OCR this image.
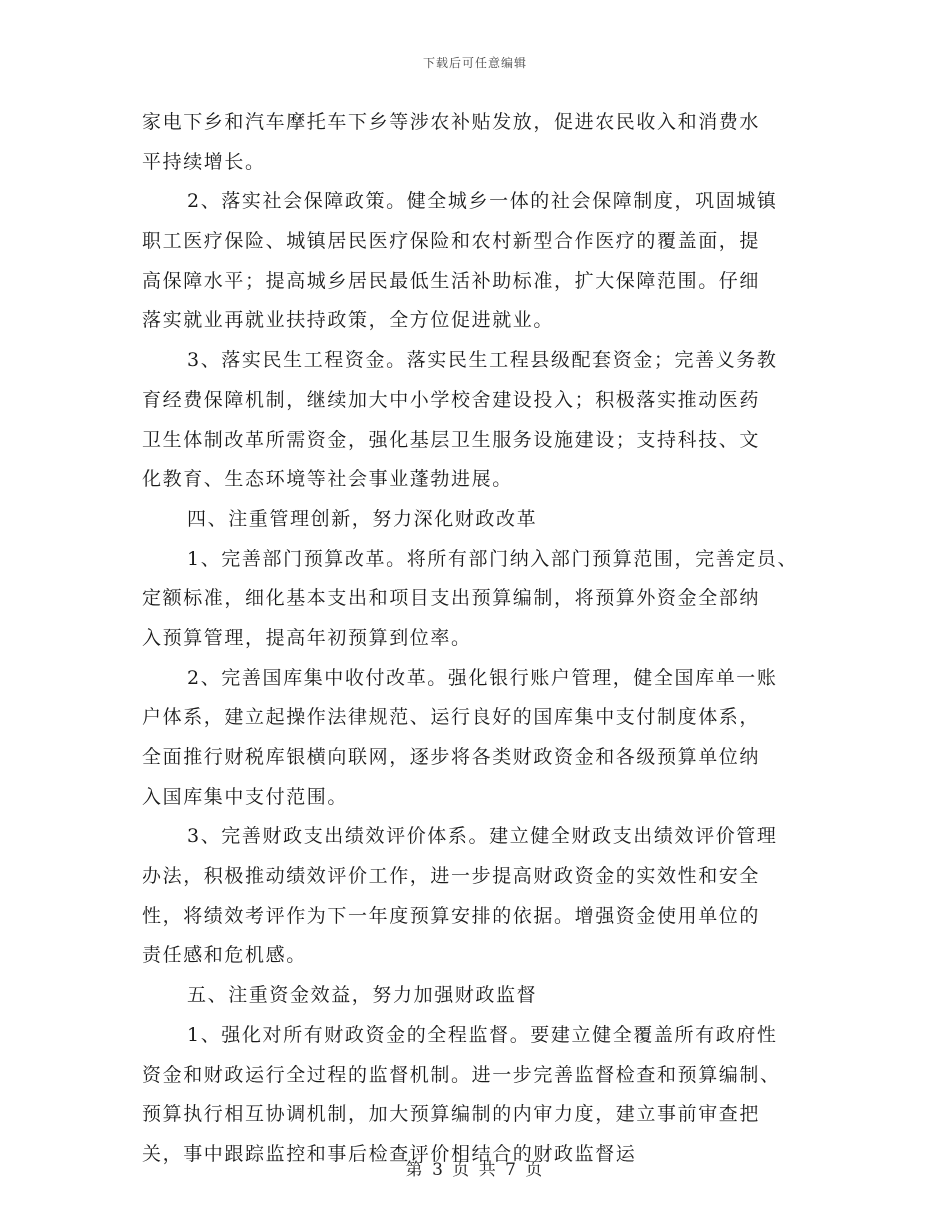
下载后可任意编辑
家电下乡和汽车摩托车下乡等涉农补贴发放，促进农民收入和消费水
平持续增长。
2、落实社会保障政策。健全城乡一体的社会保障制度，巩固城镇
职工医疗保险、城镇居民医疗保险和农村新型合作医疗的覆盖面，提
高保障水平；提高城乡居民最低生活补助标准，扩大保障范围。仔细
落实就业再就业扶持政策，全方位促进就业。
3、落实民生工程资金。落实民生工程县级配套资金；完善义务教
育经费保障机制，继续加大中小学校舍建设投入；积极落实推动医药
卫生体制改革所需资金，强化基层卫生服务设施建设；支持科技、文
化教育、生态环境等社会事业蓬勃进展。
四、注重管理创新，努力深化财政改革
1、完善部门预算改革。将所有部门纳入部门预算范围，完善定员、
定额标准，细化基本支出和项目支出预算编制，将预算外资金全部纳
入预算管理，提高年初预算到位率。
2、完善国库集中收付改革。强化银行账户管理，健全国库单一账
户体系，建立起操作法律规范、运行良好的国库集中支付制度体系，
全面推行财税库银横向联网，逐步将各类财政资金和各级预算单位纳
入国库集中支付范围。
3、完善财政支出绩效评价体系。建立健全财政支出绩效评价管理
办法，积极推动绩效评价工作，进一步提高财政资金的实效性和安全
性，将绩效考评作为下一年度预算安排的依据。增强资金使用单位的
责任感和危机感。
五、注重资金效益，努力加强财政监督
1、强化对所有财政资金的全程监督。要建立健全覆盖所有政府性
资金和财政运行全过程的监督机制。进一步完善监督检查和预算编制、
预算执行相互协调机制，加大预算编制的内审力度，建立事前审查把
关，事中跟踪监控和事后检查评价相结合的财政监督运
第 3 页 共 7 页
